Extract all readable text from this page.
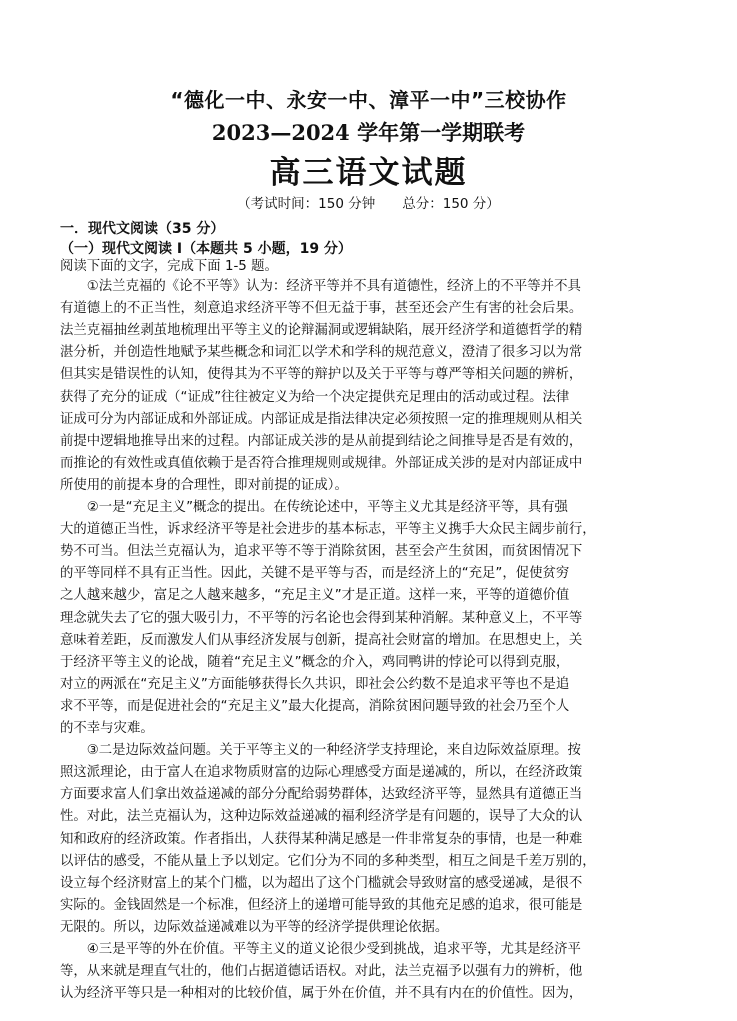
“德化一中、永安一中、漳平一中”三校协作
2023—2024 学年第一学期联考
高三语文试题
（考试时间：150 分钟　　总分：150 分）
一．现代文阅读（35 分）
（一）现代文阅读 I（本题共 5 小题，19 分）
阅读下面的文字，完成下面 1-5 题。
　　①法兰克福的《论不平等》认为：经济平等并不具有道德性，经济上的不平等并不具
有道德上的不正当性，刻意追求经济平等不但无益于事，甚至还会产生有害的社会后果。
法兰克福抽丝剥茧地梳理出平等主义的论辩漏洞或逻辑缺陷，展开经济学和道德哲学的精
湛分析，并创造性地赋予某些概念和词汇以学术和学科的规范意义，澄清了很多习以为常
但其实是错误性的认知，使得其为不平等的辩护以及关于平等与尊严等相关问题的辨析，
获得了充分的证成（“证成”往往被定义为给一个决定提供充足理由的活动或过程。法律
证成可分为内部证成和外部证成。内部证成是指法律决定必须按照一定的推理规则从相关
前提中逻辑地推导出来的过程。内部证成关涉的是从前提到结论之间推导是否是有效的，
而推论的有效性或真值依赖于是否符合推理规则或规律。外部证成关涉的是对内部证成中
所使用的前提本身的合理性，即对前提的证成）。
　　②一是“充足主义”概念的提出。在传统论述中，平等主义尤其是经济平等，具有强
大的道德正当性，诉求经济平等是社会进步的基本标志，平等主义携手大众民主阔步前行，
势不可当。但法兰克福认为，追求平等不等于消除贫困，甚至会产生贫困，而贫困情况下
的平等同样不具有正当性。因此，关键不是平等与否，而是经济上的“充足”，促使贫穷
之人越来越少，富足之人越来越多，“充足主义”才是正道。这样一来，平等的道德价值
理念就失去了它的强大吸引力，不平等的污名论也会得到某种消解。某种意义上，不平等
意味着差距，反而激发人们从事经济发展与创新，提高社会财富的增加。在思想史上，关
于经济平等主义的论战，随着“充足主义”概念的介入，鸡同鸭讲的悖论可以得到克服，
对立的两派在“充足主义”方面能够获得长久共识，即社会公约数不是追求平等也不是追
求不平等，而是促进社会的“充足主义”最大化提高，消除贫困问题导致的社会乃至个人
的不幸与灾难。
　　③二是边际效益问题。关于平等主义的一种经济学支持理论，来自边际效益原理。按
照这派理论，由于富人在追求物质财富的边际心理感受方面是递减的，所以，在经济政策
方面要求富人们拿出效益递减的部分分配给弱势群体，达致经济平等，显然具有道德正当
性。对此，法兰克福认为，这种边际效益递减的福利经济学是有问题的，误导了大众的认
知和政府的经济政策。作者指出，人获得某种满足感是一件非常复杂的事情，也是一种难
以评估的感受，不能从量上予以划定。它们分为不同的多种类型，相互之间是千差万别的，
设立每个经济财富上的某个门槛，以为超出了这个门槛就会导致财富的感受递减，是很不
实际的。金钱固然是一个标准，但经济上的递增可能导致的其他充足感的追求，很可能是
无限的。所以，边际效益递减难以为平等的经济学提供理论依据。
　　④三是平等的外在价值。平等主义的道义论很少受到挑战，追求平等，尤其是经济平
等，从来就是理直气壮的，他们占据道德话语权。对此，法兰克福予以强有力的辨析，他
认为经济平等只是一种相对的比较价值，属于外在价值，并不具有内在的价值性。因为，
